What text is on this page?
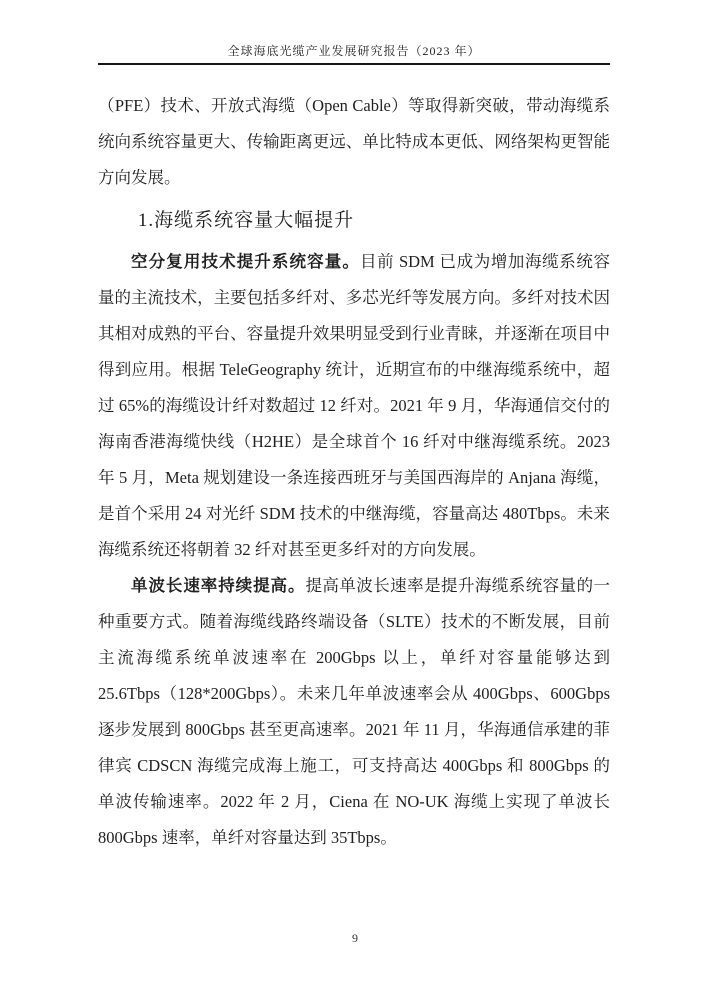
全球海底光缆产业发展研究报告（2023 年）

（PFE）技术、开放式海缆（Open Cable）等取得新突破，带动海缆系统向系统容量更大、传输距离更远、单比特成本更低、网络架构更智能方向发展。

1.海缆系统容量大幅提升

空分复用技术提升系统容量。目前 SDM 已成为增加海缆系统容量的主流技术，主要包括多纤对、多芯光纤等发展方向。多纤对技术因其相对成熟的平台、容量提升效果明显受到行业青睐，并逐渐在项目中得到应用。根据 TeleGeography 统计，近期宣布的中继海缆系统中，超过 65%的海缆设计纤对数超过 12 纤对。2021 年 9 月，华海通信交付的海南香港海缆快线（H2HE）是全球首个 16 纤对中继海缆系统。2023 年 5 月，Meta 规划建设一条连接西班牙与美国西海岸的 Anjana 海缆，是首个采用 24 对光纤 SDM 技术的中继海缆，容量高达 480Tbps。未来海缆系统还将朝着 32 纤对甚至更多纤对的方向发展。

单波长速率持续提高。提高单波长速率是提升海缆系统容量的一种重要方式。随着海缆线路终端设备（SLTE）技术的不断发展，目前主流海缆系统单波速率在 200Gbps 以上，单纤对容量能够达到 25.6Tbps（128*200Gbps）。未来几年单波速率会从 400Gbps、600Gbps 逐步发展到 800Gbps 甚至更高速率。2021 年 11 月，华海通信承建的菲律宾 CDSCN 海缆完成海上施工，可支持高达 400Gbps 和 800Gbps 的单波传输速率。2022 年 2 月，Ciena 在 NO-UK 海缆上实现了单波长 800Gbps 速率，单纤对容量达到 35Tbps。

9
